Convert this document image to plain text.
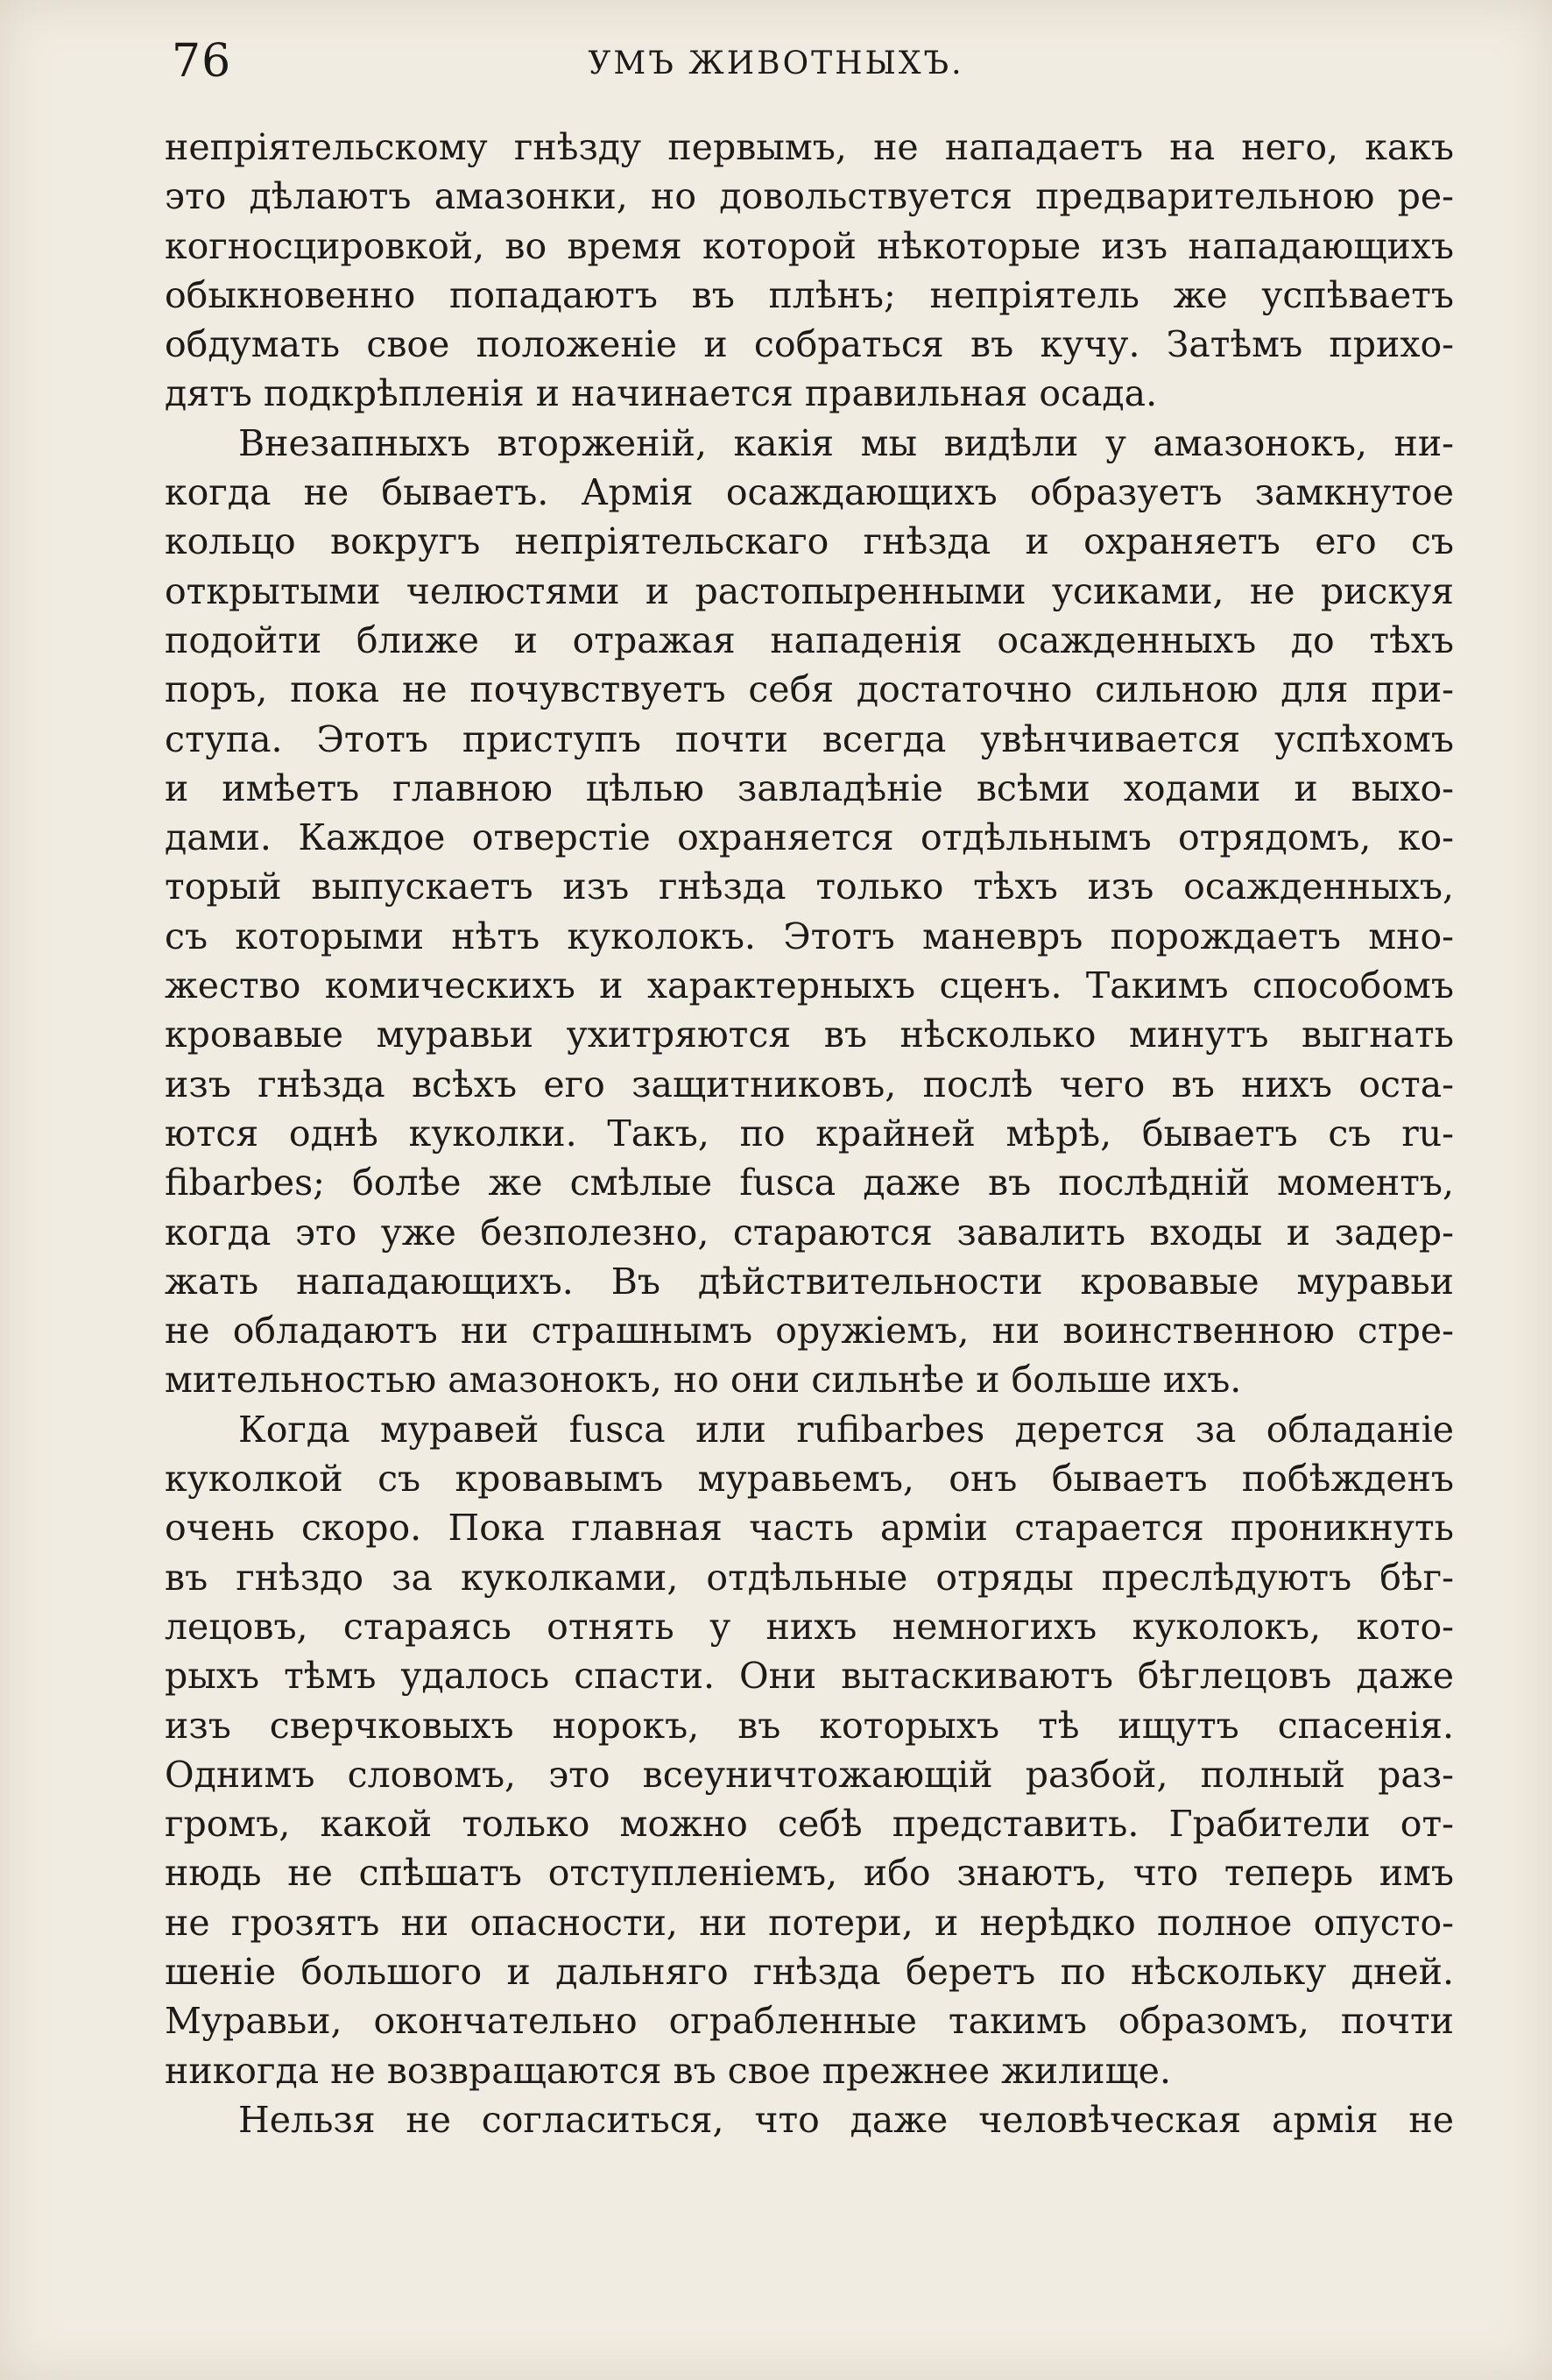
76	УМЪ ЖИВОТНЫХЪ.
непріятельскому гнѣзду первымъ, не нападаетъ на него, какъ
это дѣлаютъ амазонки, но довольствуется предварительною ре-
когносцировкой, во время которой нѣкоторые изъ нападающихъ
обыкновенно попадаютъ въ плѣнъ; непріятель же успѣваетъ
обдумать свое положеніе и собраться въ кучу. Затѣмъ прихо-
дятъ подкрѣпленія и начинается правильная осада.
Внезапныхъ вторженій, какія мы видѣли у амазонокъ, ни-
когда не бываетъ. Армія осаждающихъ образуетъ замкнутое
кольцо вокругъ непріятельскаго гнѣзда и охраняетъ его съ
открытыми челюстями и растопыренными усиками, не рискуя
подойти ближе и отражая нападенія осажденныхъ до тѣхъ
поръ, пока не почувствуетъ себя достаточно сильною для при-
ступа. Этотъ приступъ почти всегда увѣнчивается успѣхомъ
и имѣетъ главною цѣлью завладѣніе всѣми ходами и выхо-
дами. Каждое отверстіе охраняется отдѣльнымъ отрядомъ, ко-
торый выпускаетъ изъ гнѣзда только тѣхъ изъ осажденныхъ,
съ которыми нѣтъ куколокъ. Этотъ маневръ порождаетъ мно-
жество комическихъ и характерныхъ сценъ. Такимъ способомъ
кровавые муравьи ухитряются въ нѣсколько минутъ выгнать
изъ гнѣзда всѣхъ его защитниковъ, послѣ чего въ нихъ оста-
ются однѣ куколки. Такъ, по крайней мѣрѣ, бываетъ съ ru-
fibarbes; болѣе же смѣлые fusca даже въ послѣдній моментъ,
когда это уже безполезно, стараются завалить входы и задер-
жать нападающихъ. Въ дѣйствительности кровавые муравьи
не обладаютъ ни страшнымъ оружіемъ, ни воинственною стре-
мительностью амазонокъ, но они сильнѣе и больше ихъ.
Когда муравей fusca или rufibarbes дерется за обладаніе
куколкой съ кровавымъ муравьемъ, онъ бываетъ побѣжденъ
очень скоро. Пока главная часть арміи старается проникнуть
въ гнѣздо за куколками, отдѣльные отряды преслѣдуютъ бѣг-
лецовъ, стараясь отнять у нихъ немногихъ куколокъ, кото-
рыхъ тѣмъ удалось спасти. Они вытаскиваютъ бѣглецовъ даже
изъ сверчковыхъ норокъ, въ которыхъ тѣ ищутъ спасенія.
Однимъ словомъ, это всеуничтожающій разбой, полный раз-
громъ, какой только можно себѣ представить. Грабители от-
нюдь не спѣшатъ отступленіемъ, ибо знаютъ, что теперь имъ
не грозятъ ни опасности, ни потери, и нерѣдко полное опусто-
шеніе большого и дальняго гнѣзда беретъ по нѣскольку дней.
Муравьи, окончательно ограбленные такимъ образомъ, почти
никогда не возвращаются въ свое прежнее жилище.
Нельзя не согласиться, что даже человѣческая армія не
